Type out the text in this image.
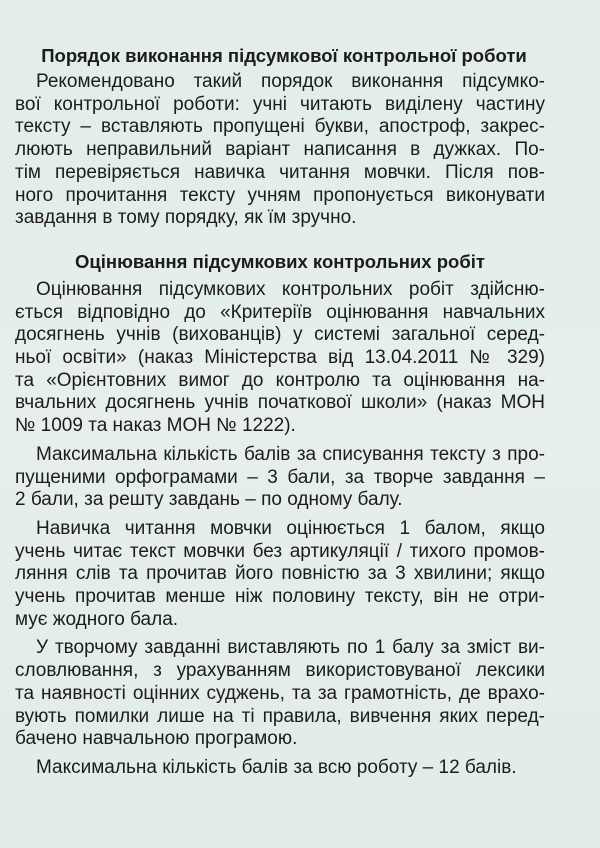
Порядок виконання підсумкової контрольної роботи
Рекомендовано такий порядок виконання підсумко-
вої контрольної роботи: учні читають виділену частину
тексту – вставляють пропущені букви, апостроф, закрес-
люють неправильний варіант написання в дужках. По-
тім перевіряється навичка читання мовчки. Після пов-
ного прочитання тексту учням пропонується виконувати
завдання в тому порядку, як їм зручно.
Оцінювання підсумкових контрольних робіт
Оцінювання підсумкових контрольних робіт здійсню-
ється відповідно до «Критеріїв оцінювання навчальних
досягнень учнів (вихованців) у системі загальної серед-
ньої освіти» (наказ Міністерства від 13.04.2011 № 329)
та «Орієнтовних вимог до контролю та оцінювання на-
вчальних досягнень учнів початкової школи» (наказ МОН
№ 1009 та наказ МОН № 1222).
Максимальна кількість балів за списування тексту з про-
пущеними орфограмами – 3 бали, за творче завдання –
2 бали, за решту завдань – по одному балу.
Навичка читання мовчки оцінюється 1 балом, якщо
учень читає текст мовчки без артикуляції / тихого промов-
ляння слів та прочитав його повністю за 3 хвилини; якщо
учень прочитав менше ніж половину тексту, він не отри-
мує жодного бала.
У творчому завданні виставляють по 1 балу за зміст ви-
словлювання, з урахуванням використовуваної лексики
та наявності оцінних суджень, та за грамотність, де врахо-
вують помилки лише на ті правила, вивчення яких перед-
бачено навчальною програмою.
Максимальна кількість балів за всю роботу – 12 балів.
